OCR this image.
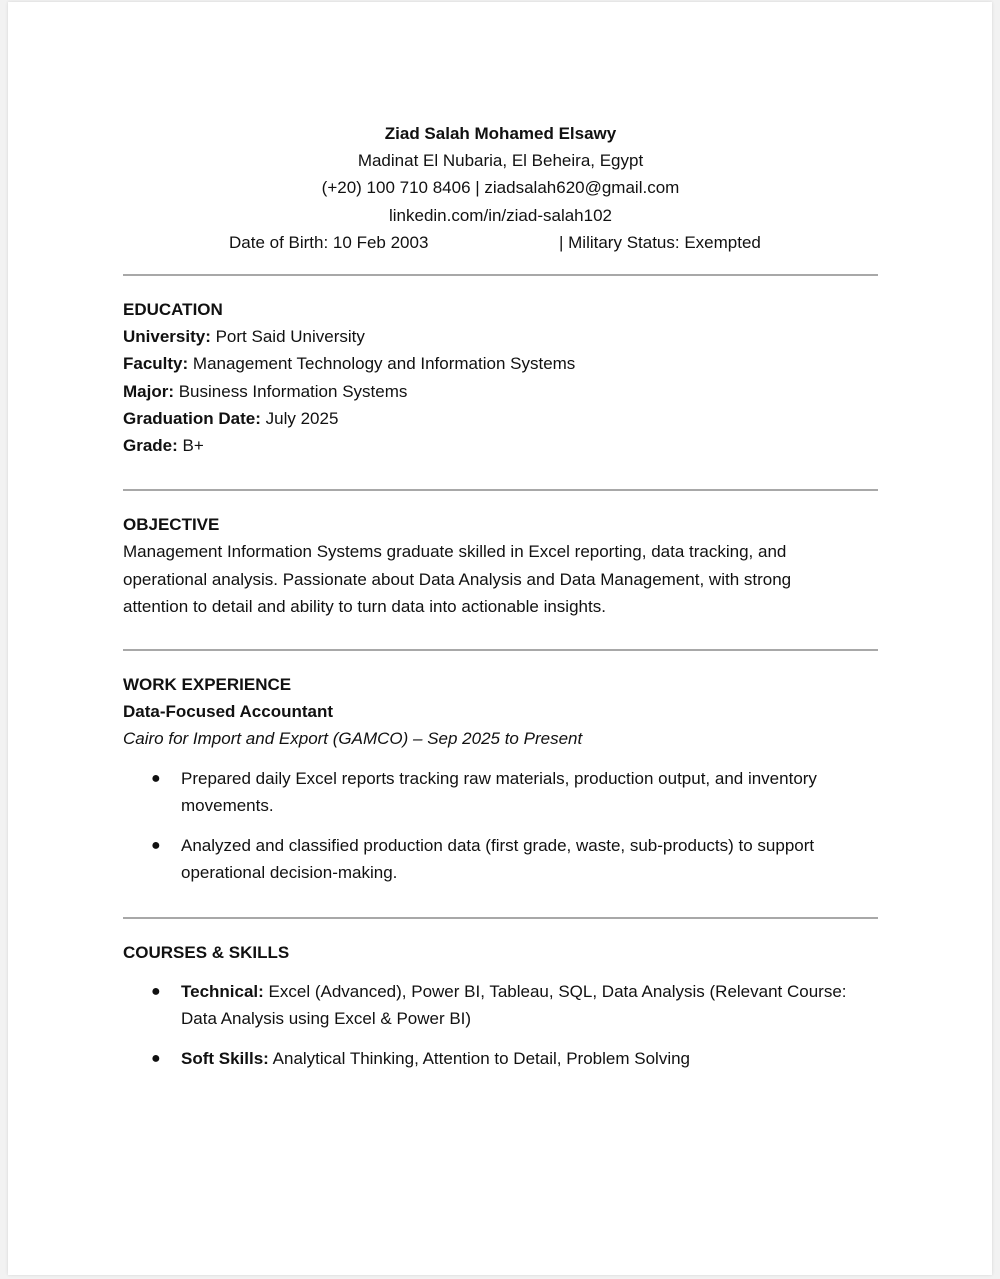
Ziad Salah Mohamed Elsawy
Madinat El Nubaria, El Beheira, Egypt
(+20) 100 710 8406 | ziadsalah620@gmail.com
linkedin.com/in/ziad-salah102
Date of Birth: 10 Feb 2003	| Military Status: Exempted
EDUCATION
University: Port Said University
Faculty: Management Technology and Information Systems
Major: Business Information Systems
Graduation Date: July 2025
Grade: B+
OBJECTIVE
Management Information Systems graduate skilled in Excel reporting, data tracking, and
operational analysis. Passionate about Data Analysis and Data Management, with strong
attention to detail and ability to turn data into actionable insights.
WORK EXPERIENCE
Data-Focused Accountant
Cairo for Import and Export (GAMCO) – Sep 2025 to Present
● Prepared daily Excel reports tracking raw materials, production output, and inventory
movements.
● Analyzed and classified production data (first grade, waste, sub-products) to support
operational decision-making.
COURSES & SKILLS
● Technical: Excel (Advanced), Power BI, Tableau, SQL, Data Analysis (Relevant Course:
Data Analysis using Excel & Power BI)
● Soft Skills: Analytical Thinking, Attention to Detail, Problem Solving
